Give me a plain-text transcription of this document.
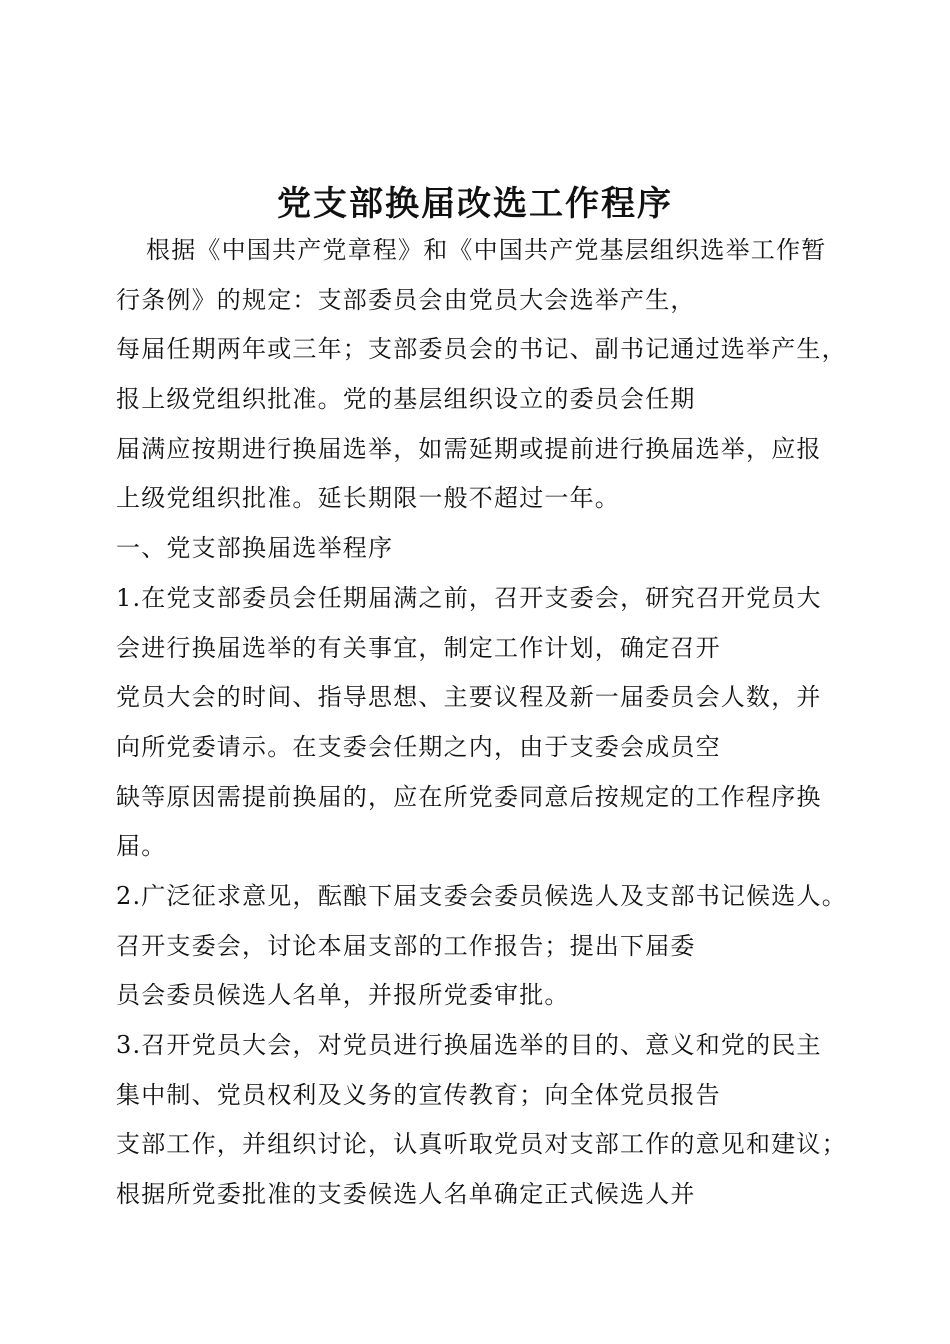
党支部换届改选工作程序
根据《中国共产党章程》和《中国共产党基层组织选举工作暂
行条例》的规定：支部委员会由党员大会选举产生，
每届任期两年或三年；支部委员会的书记、副书记通过选举产生，
报上级党组织批准。党的基层组织设立的委员会任期
届满应按期进行换届选举，如需延期或提前进行换届选举，应报
上级党组织批准。延长期限一般不超过一年。
一、党支部换届选举程序
1.在党支部委员会任期届满之前，召开支委会，研究召开党员大
会进行换届选举的有关事宜，制定工作计划，确定召开
党员大会的时间、指导思想、主要议程及新一届委员会人数，并
向所党委请示。在支委会任期之内，由于支委会成员空
缺等原因需提前换届的，应在所党委同意后按规定的工作程序换
届。
2.广泛征求意见，酝酿下届支委会委员候选人及支部书记候选人。
召开支委会，讨论本届支部的工作报告；提出下届委
员会委员候选人名单，并报所党委审批。
3.召开党员大会，对党员进行换届选举的目的、意义和党的民主
集中制、党员权利及义务的宣传教育；向全体党员报告
支部工作，并组织讨论，认真听取党员对支部工作的意见和建议；
根据所党委批准的支委候选人名单确定正式候选人并
